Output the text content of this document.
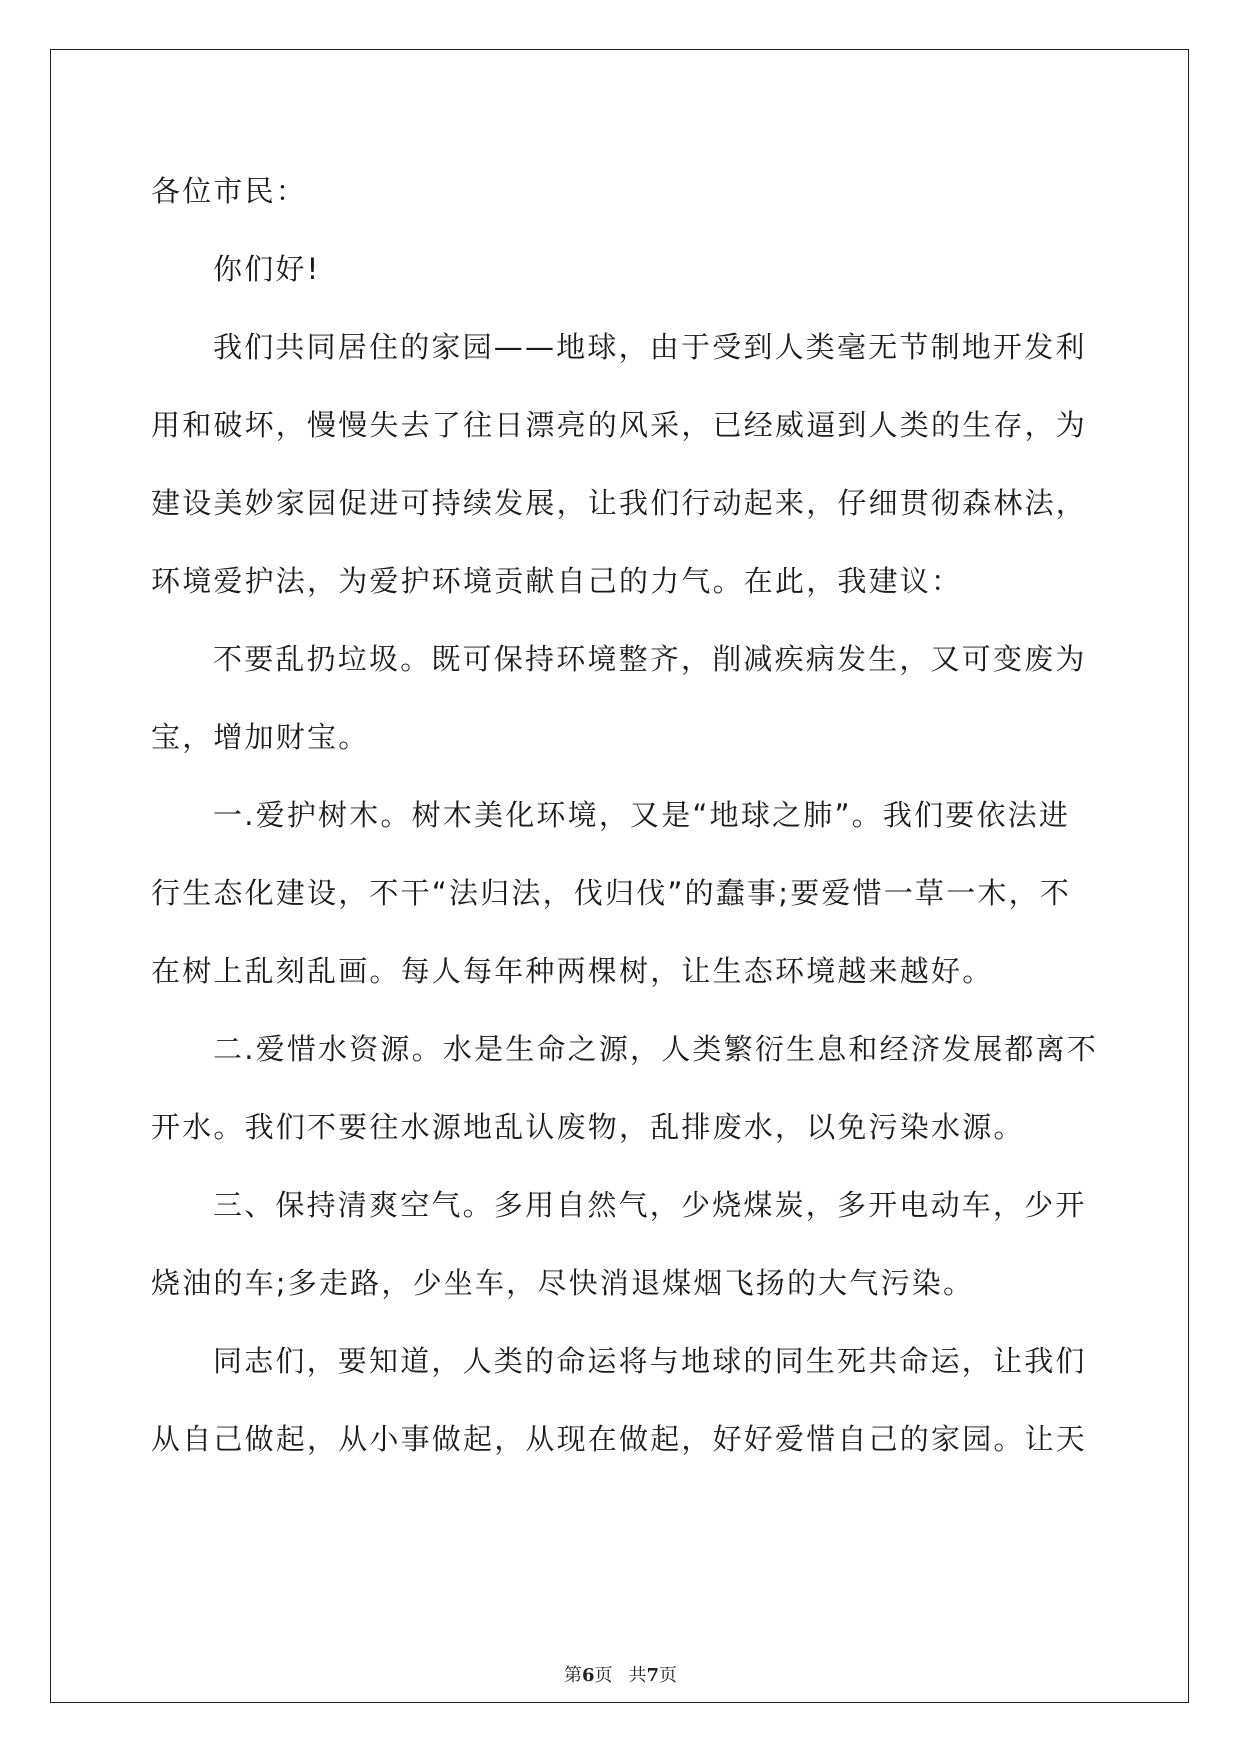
各位市民：

你们好!

我们共同居住的家园——地球，由于受到人类毫无节制地开发利

用和破坏，慢慢失去了往日漂亮的风采，已经威逼到人类的生存，为

建设美妙家园促进可持续发展，让我们行动起来，仔细贯彻森林法，

环境爱护法，为爱护环境贡献自己的力气。在此，我建议：

不要乱扔垃圾。既可保持环境整齐，削减疾病发生，又可变废为

宝，增加财宝。

一.爱护树木。树木美化环境，又是“地球之肺”。我们要依法进

行生态化建设，不干“法归法，伐归伐”的蠢事;要爱惜一草一木，不

在树上乱刻乱画。每人每年种两棵树，让生态环境越来越好。

二.爱惜水资源。水是生命之源，人类繁衍生息和经济发展都离不

开水。我们不要往水源地乱认废物，乱排废水，以免污染水源。

三、保持清爽空气。多用自然气，少烧煤炭，多开电动车，少开

烧油的车;多走路，少坐车，尽快消退煤烟飞扬的大气污染。

同志们，要知道，人类的命运将与地球的同生死共命运，让我们

从自己做起，从小事做起，从现在做起，好好爱惜自己的家园。让天

第6页 共7页
